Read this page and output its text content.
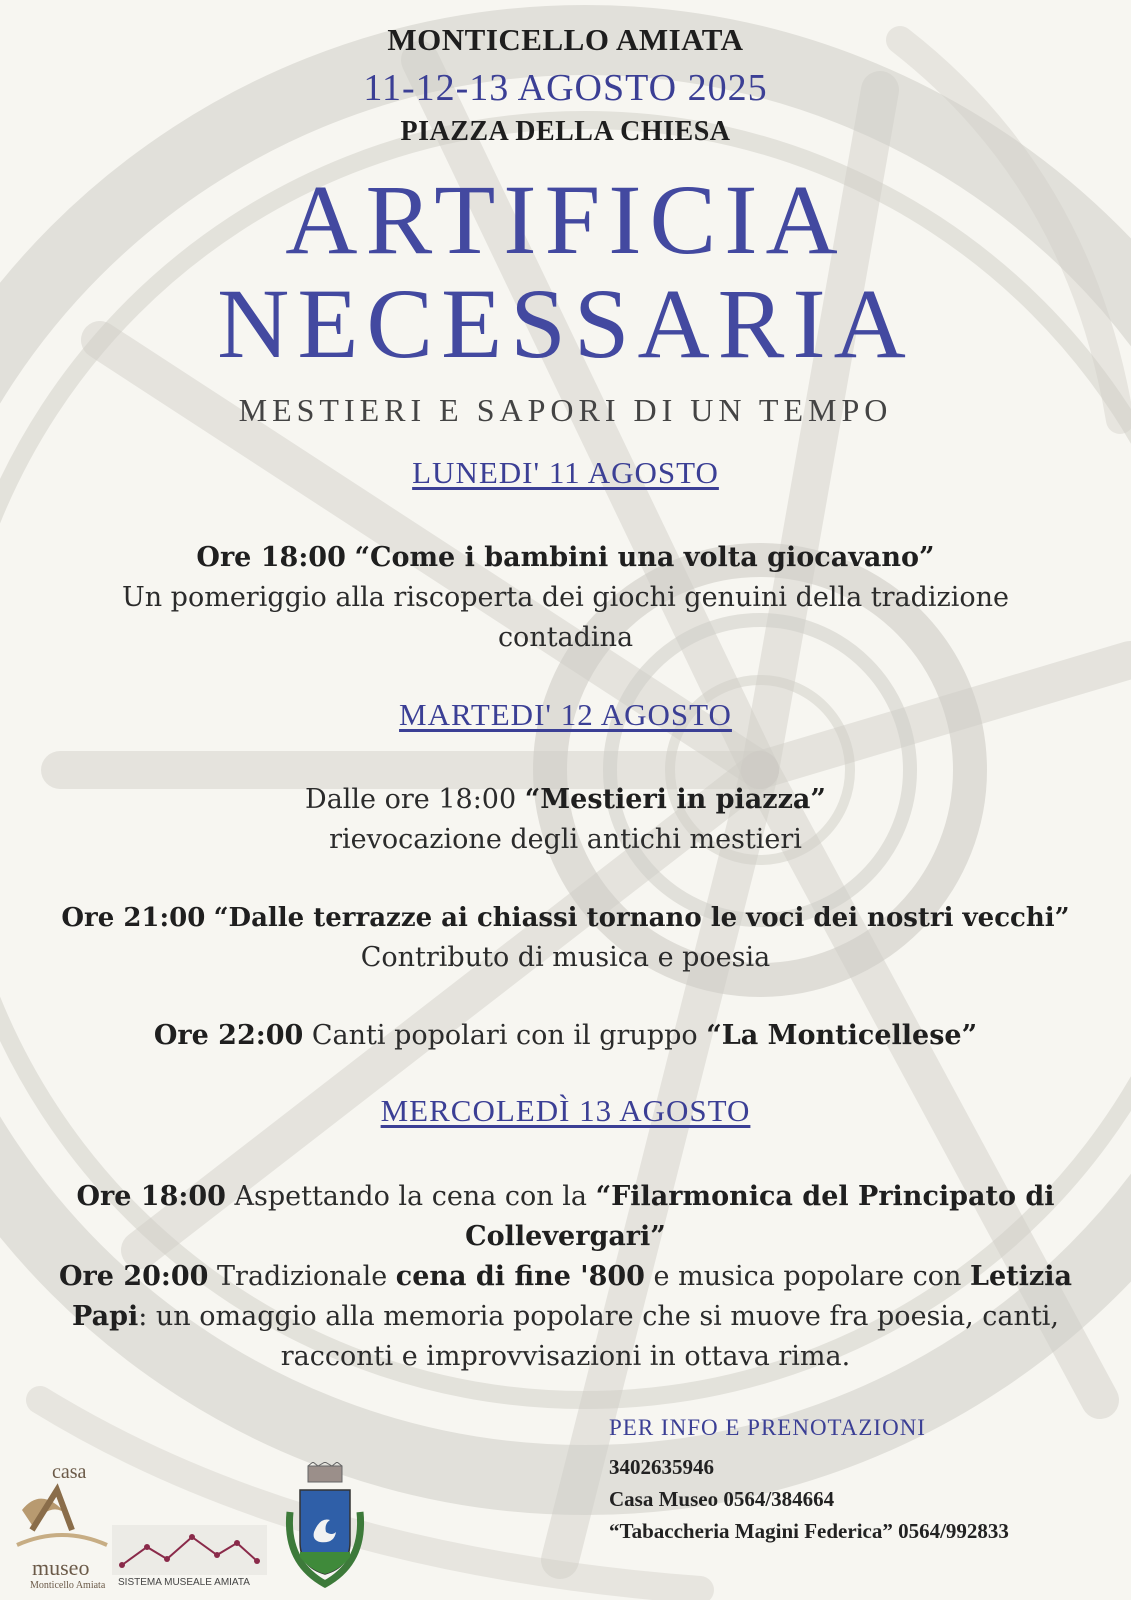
MONTICELLO AMIATA
11-12-13 AGOSTO 2025
PIAZZA DELLA CHIESA
ARTIFICIA
NECESSARIA
MESTIERI E SAPORI DI UN TEMPO
LUNEDI' 11 AGOSTO
Ore 18:00 “Come i bambini una volta giocavano”
Un pomeriggio alla riscoperta dei giochi genuini della tradizione
contadina
MARTEDI' 12 AGOSTO
Dalle ore 18:00 “Mestieri in piazza”
rievocazione degli antichi mestieri
Ore 21:00 “Dalle terrazze ai chiassi tornano le voci dei nostri vecchi”
Contributo di musica e poesia
Ore 22:00 Canti popolari con il gruppo “La Monticellese”
MERCOLEDÌ 13 AGOSTO
Ore 18:00 Aspettando la cena con la “Filarmonica del Principato di
Collevergari”
Ore 20:00 Tradizionale cena di fine '800 e musica popolare con Letizia
Papi: un omaggio alla memoria popolare che si muove fra poesia, canti,
racconti e improvvisazioni in ottava rima.
PER INFO E PRENOTAZIONI
3402635946
Casa Museo 0564/384664
“Tabaccheria Magini Federica” 0564/992833
casa
museo
Monticello Amiata SISTEMA MUSEALE AMIATA
